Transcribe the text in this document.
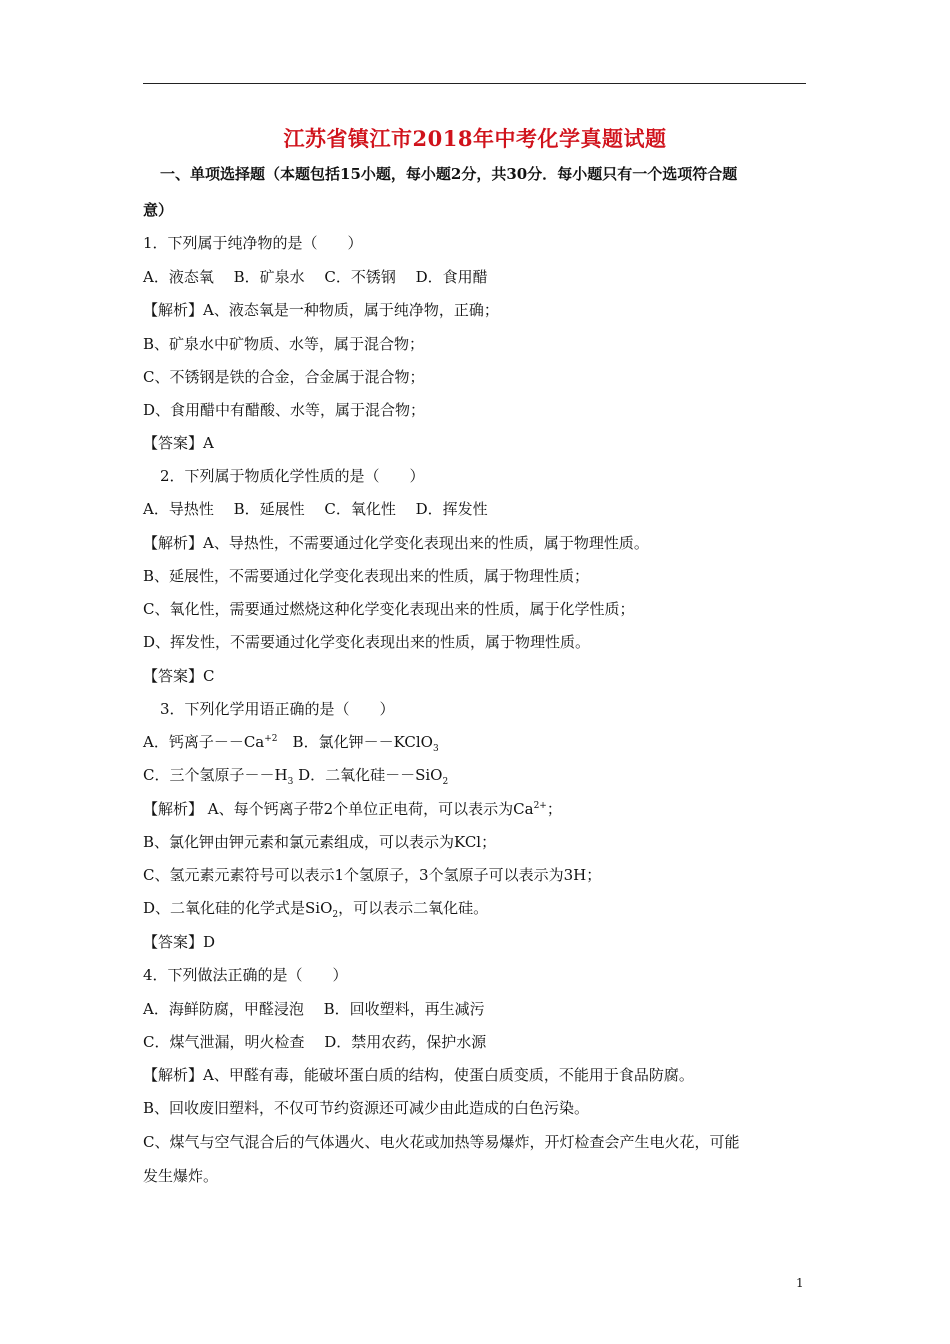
江苏省镇江市2018年中考化学真题试题
一、单项选择题（本题包括15小题，每小题2分，共30分．每小题只有一个选项符合题
意）
1．下列属于纯净物的是（　　）
A．液态氧　 B．矿泉水　 C．不锈钢　 D．食用醋
【解析】A、液态氧是一种物质，属于纯净物，正确；
B、矿泉水中矿物质、水等，属于混合物；
C、不锈钢是铁的合金，合金属于混合物；
D、食用醋中有醋酸、水等，属于混合物；
【答案】A
2．下列属于物质化学性质的是（　　）
A．导热性　 B．延展性　 C．氧化性　 D．挥发性
【解析】A、导热性，不需要通过化学变化表现出来的性质，属于物理性质。
B、延展性，不需要通过化学变化表现出来的性质，属于物理性质；
C、氧化性，需要通过燃烧这种化学变化表现出来的性质，属于化学性质；
D、挥发性，不需要通过化学变化表现出来的性质，属于物理性质。
【答案】C
3．下列化学用语正确的是（　　）
A．钙离子$--Ca^{+2}$　B．氯化钾－－KClO$_3$
C．三个氢原子$--H_3$ D．二氧化硅－－SiO$_2$
【解析】 A、每个钙离子带2个单位正电荷，可以表示为$Ca^{2+}$；
B、氯化钾由钾元素和氯元素组成，可以表示为KCl；
C、氢元素元素符号可以表示1个氢原子，3个氢原子可以表示为3H；
D、二氧化硅的化学式是SiO$_2$，可以表示二氧化硅。
【答案】D
4．下列做法正确的是（　　）
A．海鲜防腐，甲醛浸泡　 B．回收塑料，再生减污
C．煤气泄漏，明火检查　 D．禁用农药，保护水源
【解析】A、甲醛有毒，能破坏蛋白质的结构，使蛋白质变质，不能用于食品防腐。
B、回收废旧塑料，不仅可节约资源还可减少由此造成的白色污染。
C、煤气与空气混合后的气体遇火、电火花或加热等易爆炸，开灯检查会产生电火花，可能
发生爆炸。
1
